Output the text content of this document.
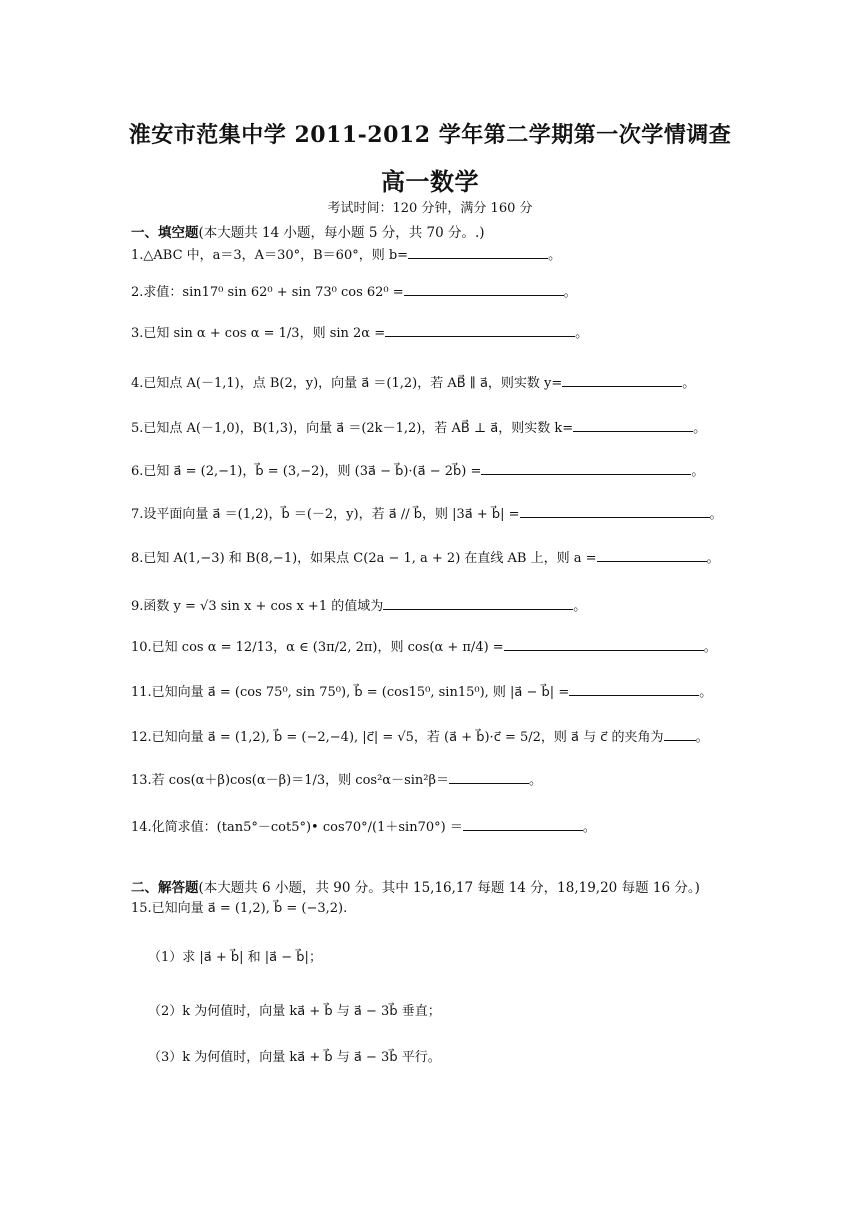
淮安市范集中学 2011-2012 学年第二学期第一次学情调查
高一数学
考试时间：120 分钟，满分 160 分
一、填空题(本大题共 14 小题，每小题 5 分，共 70 分。.)
1.△ABC 中，a＝3，A＝30°，B＝60°，则 b=	。
2.求值：sin17⁰ sin 62⁰ + sin 73⁰ cos 62⁰ =	。
3.已知 sin α + cos α = 1/3，则 sin 2α =	。
4.已知点 A(－1,1)，点 B(2，y)，向量 a⃗ ＝(1,2)，若 AB⃗ ∥ a⃗，则实数 y=	。
5.已知点 A(－1,0)，B(1,3)，向量 a⃗ ＝(2k－1,2)，若 AB⃗ ⊥ a⃗，则实数 k=	。
6.已知 a⃗ = (2,−1)，b⃗ = (3,−2)，则 (3a⃗ − b⃗)·(a⃗ − 2b⃗) =	。
7.设平面向量 a⃗ ＝(1,2)，b⃗ ＝(－2，y)，若 a⃗ // b⃗，则 |3a⃗ + b⃗| =	。
8.已知 A(1,−3) 和 B(8,−1)，如果点 C(2a − 1, a + 2) 在直线 AB 上，则 a =	。
9.函数 y = √3 sin x + cos x +1 的值域为	。
10.已知 cos α = 12/13，α ∈ (3π/2, 2π)，则 cos(α + π/4) =	。
11.已知向量 a⃗ = (cos 75⁰, sin 75⁰), b⃗ = (cos15⁰, sin15⁰), 则 |a⃗ − b⃗| =	。
12.已知向量 a⃗ = (1,2), b⃗ = (−2,−4), |c⃗| = √5，若 (a⃗ + b⃗)·c⃗ = 5/2，则 a⃗ 与 c⃗ 的夹角为 。
13.若 cos(α＋β)cos(α－β)＝1/3，则 cos²α－sin²β＝	。
14.化简求值：(tan5°－cot5°)• cos70°/(1＋sin70°) ＝	。
二、解答题(本大题共 6 小题，共 90 分。其中 15,16,17 每题 14 分，18,19,20 每题 16 分。)
15.已知向量 a⃗ = (1,2), b⃗ = (−3,2).
（1）求 |a⃗ + b⃗| 和 |a⃗ − b⃗|；
（2）k 为何值时，向量 ka⃗ + b⃗ 与 a⃗ − 3b⃗ 垂直；
（3）k 为何值时，向量 ka⃗ + b⃗ 与 a⃗ − 3b⃗ 平行。
